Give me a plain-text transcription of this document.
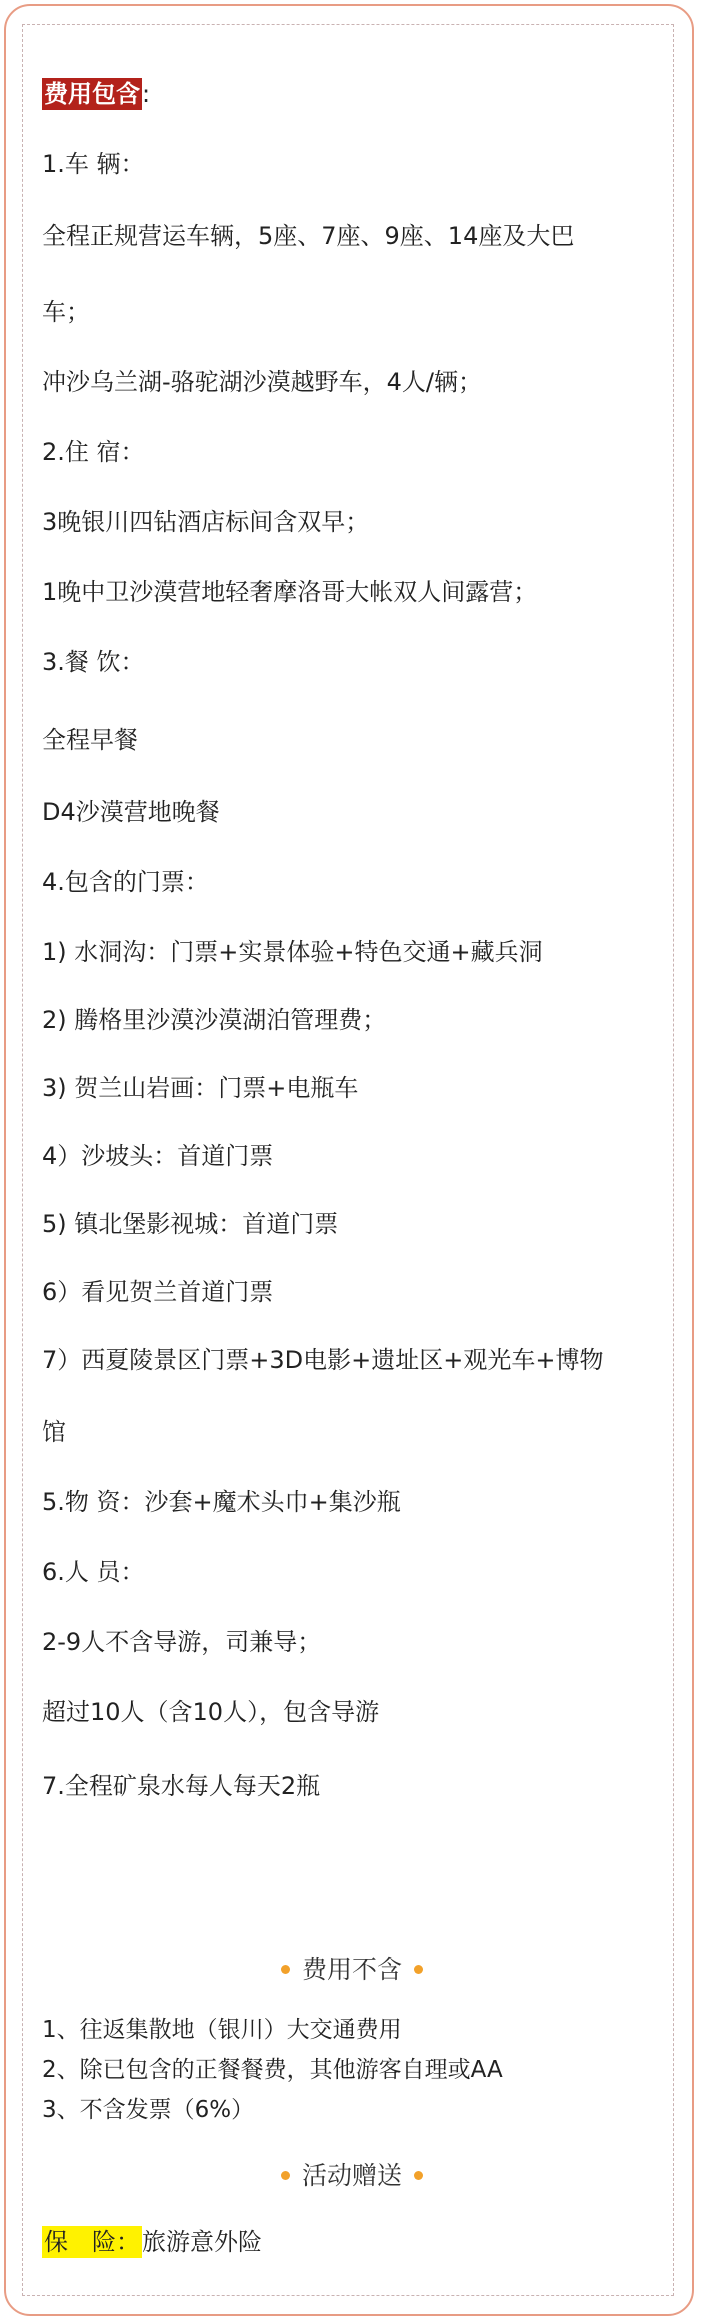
费用包含:
1.车 辆：
全程正规营运车辆，5座、7座、9座、14座及大巴
车；
冲沙乌兰湖-骆驼湖沙漠越野车，4人/辆；
2.住 宿：
3晚银川四钻酒店标间含双早；
1晚中卫沙漠营地轻奢摩洛哥大帐双人间露营；
3.餐 饮：
全程早餐
D4沙漠营地晚餐
4.包含的门票：
1) 水洞沟：门票+实景体验+特色交通+藏兵洞
2) 腾格里沙漠沙漠湖泊管理费；
3) 贺兰山岩画：门票+电瓶车
4）沙坡头：首道门票
5) 镇北堡影视城：首道门票
6）看见贺兰首道门票
7）西夏陵景区门票+3D电影+遗址区+观光车+博物
馆
5.物 资：沙套+魔术头巾+集沙瓶
6.人 员：
2-9人不含导游，司兼导；
超过10人（含10人），包含导游
7.全程矿泉水每人每天2瓶
费用不含
1、往返集散地（银川）大交通费用
2、除已包含的正餐餐费，其他游客自理或AA
3、不含发票（6%）
活动赠送
保　险：旅游意外险
